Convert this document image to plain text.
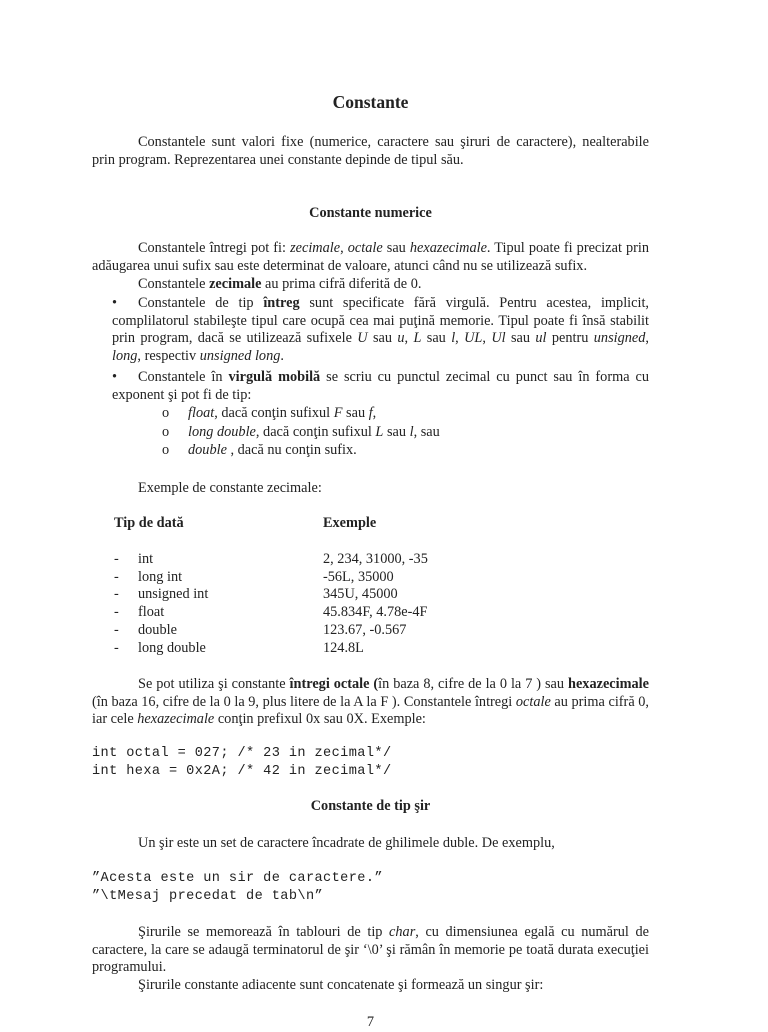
Constante

Constantele sunt valori fixe (numerice, caractere sau şiruri de caractere), nealterabile prin program. Reprezentarea unei constante depinde de tipul său.

Constante numerice

Constantele întregi pot fi: zecimale, octale sau hexazecimale. Tipul poate fi precizat prin adăugarea unui sufix sau este determinat de valoare, atunci când nu se utilizează sufix.

Constantele zecimale au prima cifră diferită de 0.

•	Constantele de tip întreg sunt specificate fără virgulă. Pentru acestea, implicit, complilatorul stabileşte tipul care ocupă cea mai puţină memorie. Tipul poate fi însă stabilit prin program, dacă se utilizează sufixele U sau u, L sau l, UL, Ul sau ul pentru unsigned, long, respectiv unsigned long.
•	Constantele în virgulă mobilă se scriu cu punctul zecimal cu punct sau în forma cu exponent şi pot fi de tip:
o float, dacă conţin sufixul F sau f,
o long double, dacă conţin sufixul L sau l, sau
o double , dacă nu conţin sufix.

Exemple de constante zecimale:

Tip de dată	Exemple
- int	2, 234, 31000, -35
- long int	-56L, 35000
- unsigned int	345U, 45000
- float	45.834F, 4.78e-4F
- double	123.67, -0.567
- long double	124.8L

Se pot utiliza şi constante întregi octale (în baza 8, cifre de la 0 la 7 ) sau hexazecimale (în baza 16, cifre de la 0 la 9, plus litere de la A la F ). Constantele întregi octale au prima cifră 0, iar cele hexazecimale conţin prefixul 0x sau 0X. Exemple:

int octal = 027; /* 23 in zecimal*/
int hexa = 0x2A; /* 42 in zecimal*/
Constante de tip şir

Un şir este un set de caractere încadrate de ghilimele duble. De exemplu,

”Acesta este un sir de caractere.”
”\tMesaj precedat de tab\n”

Şirurile se memorează în tablouri de tip char, cu dimensiunea egală cu numărul de caractere, la care se adaugă terminatorul de şir ‘\0’ şi rămân în memorie pe toată durata execuţiei programului.

Şirurile constante adiacente sunt concatenate şi formează un singur şir:

7
